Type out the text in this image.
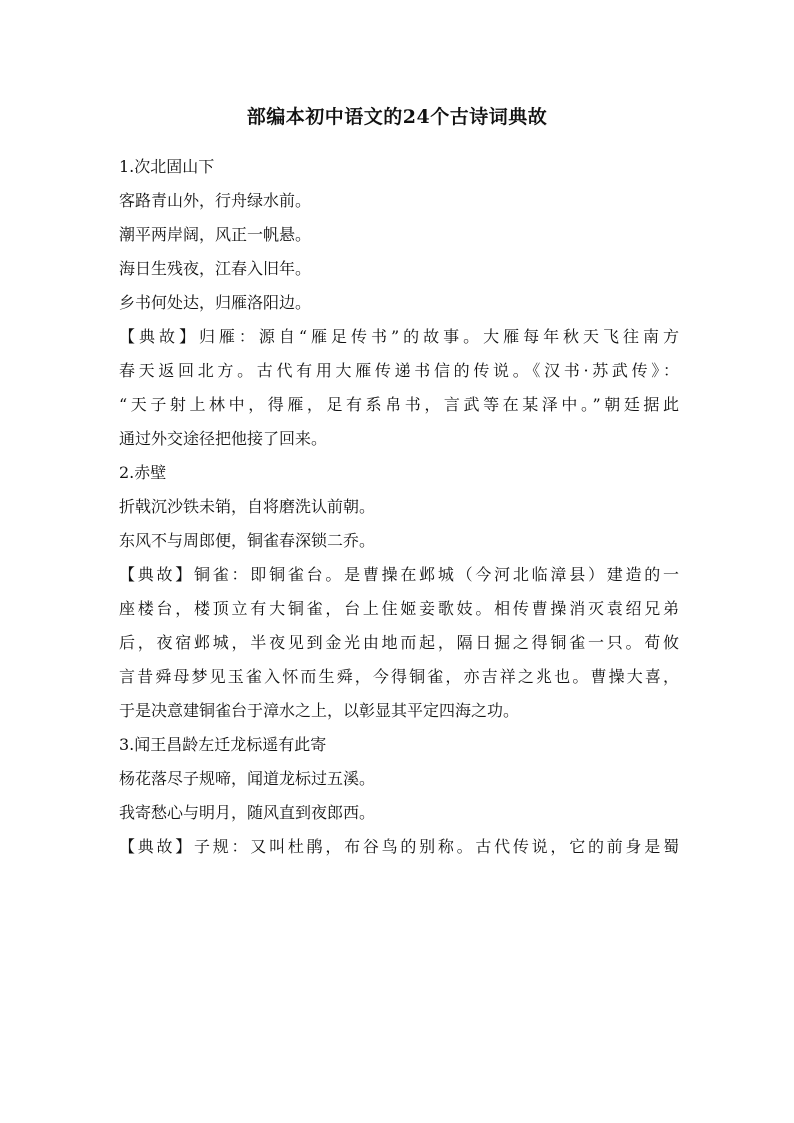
部编本初中语文的24个古诗词典故
1.次北固山下
客路青山外，行舟绿水前。
潮平两岸阔，风正一帆悬。
海日生残夜，江春入旧年。
乡书何处达，归雁洛阳边。
【典故】归雁：源自“雁足传书”的故事。大雁每年秋天飞往南方
春天返回北方。古代有用大雁传递书信的传说。《汉书·苏武传》：
“天子射上林中，得雁，足有系帛书，言武等在某泽中。”朝廷据此
通过外交途径把他接了回来。
2.赤壁
折戟沉沙铁未销，自将磨洗认前朝。
东风不与周郎便，铜雀春深锁二乔。
【典故】铜雀：即铜雀台。是曹操在邺城（今河北临漳县）建造的一
座楼台，楼顶立有大铜雀，台上住姬妾歌妓。相传曹操消灭袁绍兄弟
后，夜宿邺城，半夜见到金光由地而起，隔日掘之得铜雀一只。荀攸
言昔舜母梦见玉雀入怀而生舜，今得铜雀，亦吉祥之兆也。曹操大喜，
于是决意建铜雀台于漳水之上，以彰显其平定四海之功。
3.闻王昌龄左迁龙标遥有此寄
杨花落尽子规啼，闻道龙标过五溪。
我寄愁心与明月，随风直到夜郎西。
【典故】子规：又叫杜鹃，布谷鸟的别称。古代传说，它的前身是蜀
